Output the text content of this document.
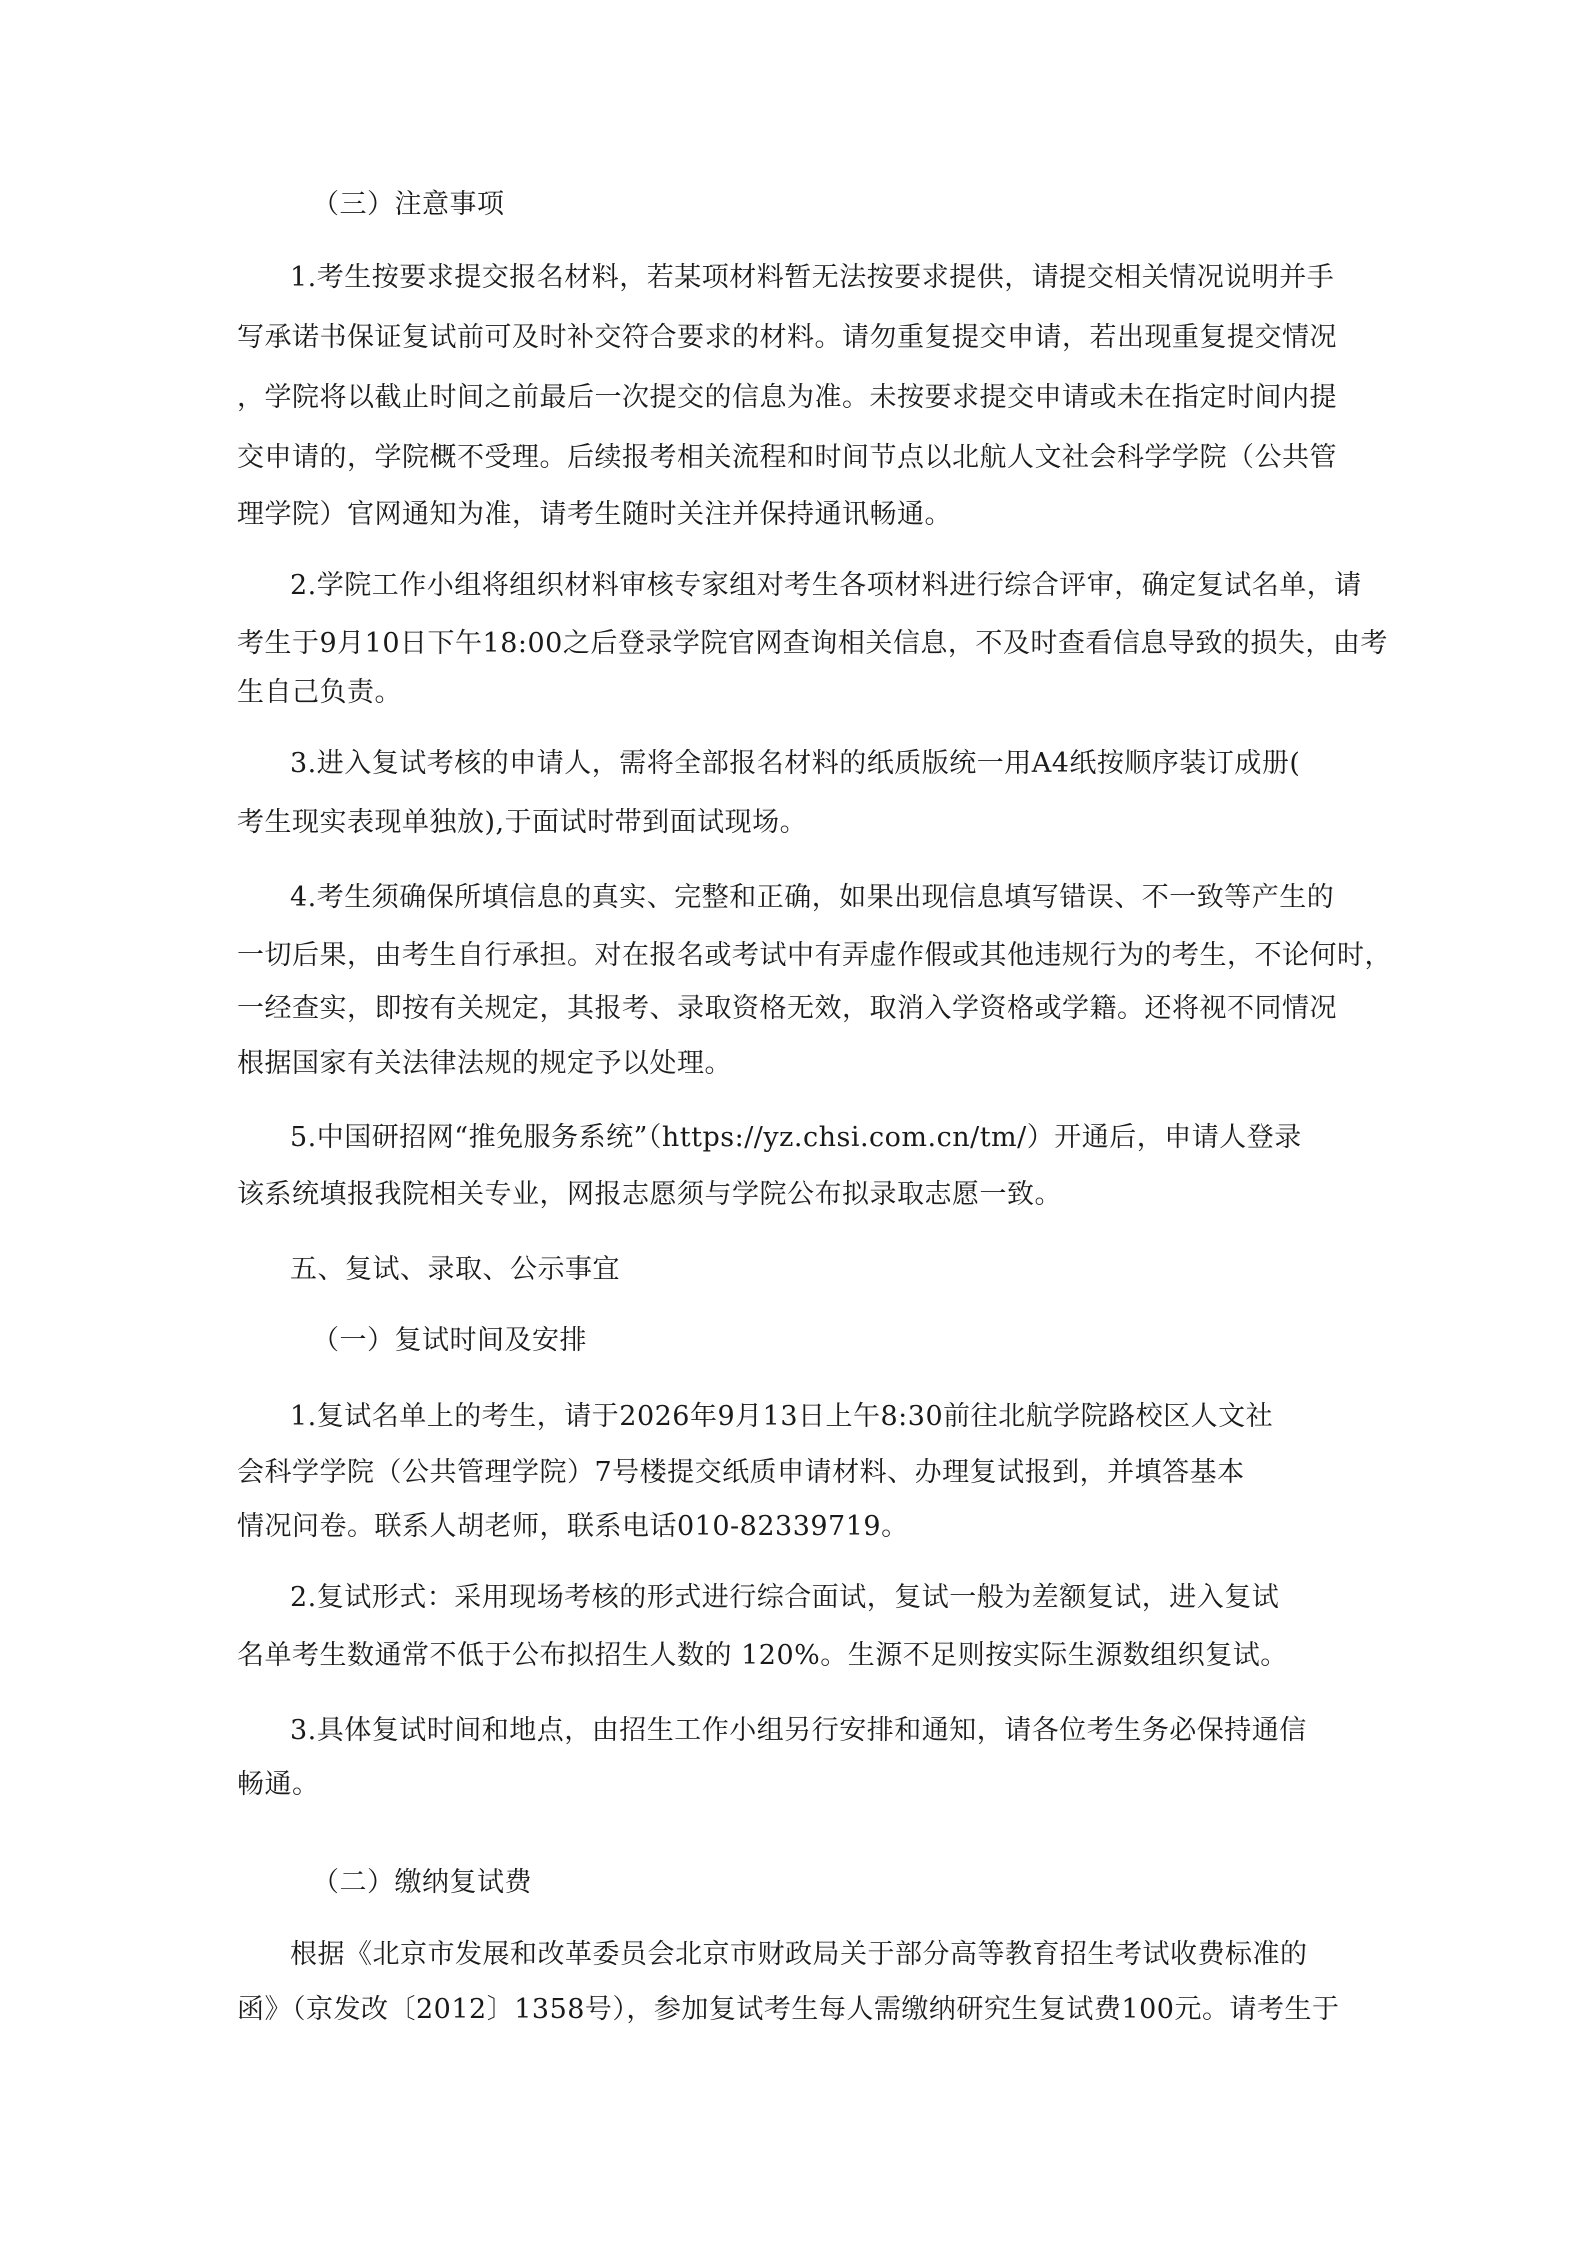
（三）注意事项
1.考生按要求提交报名材料，若某项材料暂无法按要求提供，请提交相关情况说明并手
写承诺书保证复试前可及时补交符合要求的材料。请勿重复提交申请，若出现重复提交情况
，学院将以截止时间之前最后一次提交的信息为准。未按要求提交申请或未在指定时间内提
交申请的，学院概不受理。后续报考相关流程和时间节点以北航人文社会科学学院（公共管
理学院）官网通知为准，请考生随时关注并保持通讯畅通。
2.学院工作小组将组织材料审核专家组对考生各项材料进行综合评审，确定复试名单，请
考生于9月10日下午18:00之后登录学院官网查询相关信息，不及时查看信息导致的损失，由考
生自己负责。
3.进入复试考核的申请人，需将全部报名材料的纸质版统一用A4纸按顺序装订成册(
考生现实表现单独放),于面试时带到面试现场。
4.考生须确保所填信息的真实、完整和正确，如果出现信息填写错误、不一致等产生的
一切后果，由考生自行承担。对在报名或考试中有弄虚作假或其他违规行为的考生，不论何时，
一经查实，即按有关规定，其报考、录取资格无效，取消入学资格或学籍。还将视不同情况
根据国家有关法律法规的规定予以处理。
5.中国研招网“推免服务系统”（https://yz.chsi.com.cn/tm/）开通后，申请人登录
该系统填报我院相关专业，网报志愿须与学院公布拟录取志愿一致。
五、复试、录取、公示事宜
（一）复试时间及安排
1.复试名单上的考生，请于2026年9月13日上午8:30前往北航学院路校区人文社
会科学学院（公共管理学院）7号楼提交纸质申请材料、办理复试报到，并填答基本
情况问卷。联系人胡老师，联系电话010-82339719。
2.复试形式：采用现场考核的形式进行综合面试，复试一般为差额复试，进入复试
名单考生数通常不低于公布拟招生人数的 120%。生源不足则按实际生源数组织复试。
3.具体复试时间和地点，由招生工作小组另行安排和通知，请各位考生务必保持通信
畅通。
（二）缴纳复试费
根据《北京市发展和改革委员会北京市财政局关于部分高等教育招生考试收费标准的
函》（京发改〔2012〕1358号），参加复试考生每人需缴纳研究生复试费100元。请考生于
